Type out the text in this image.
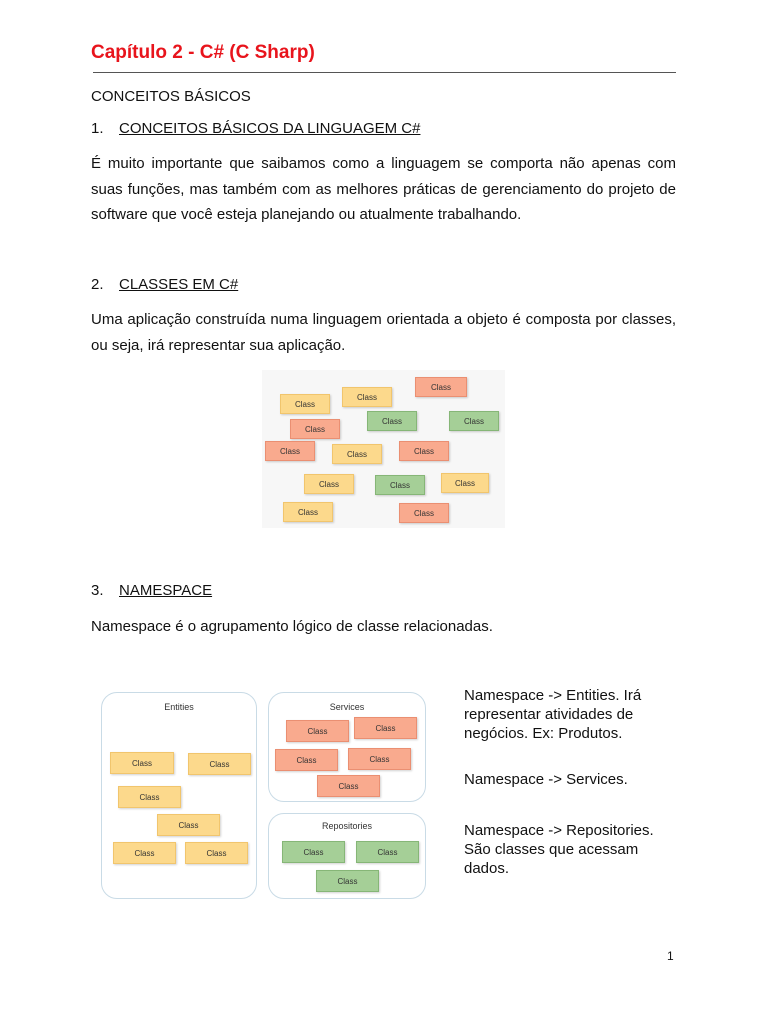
Capítulo 2 - C# (C Sharp)
CONCEITOS BÁSICOS
1. CONCEITOS BÁSICOS DA LINGUAGEM C#
É muito importante que saibamos como a linguagem se comporta não apenas com suas funções, mas também com as melhores práticas de gerenciamento do projeto de software que você esteja planejando ou atualmente trabalhando.
2. CLASSES EM C#
Uma aplicação construída numa linguagem orientada a objeto é composta por classes, ou seja, irá representar sua aplicação.
Class
Class
Class
Class	Class
Class
Class	Class	Class
Class
Class	Class
Class	Class
3. NAMESPACE
Namespace é o agrupamento lógico de classe relacionadas.
Entities
Class	Class
Class
Class
Class	Class
Services
Class	Class
Class	Class
Class
Repositories
Class	Class
Class
Namespace -> Entities. Irá representar atividades de negócios. Ex: Produtos.
Namespace -> Services.
Namespace -> Repositories. São classes que acessam dados.
1
